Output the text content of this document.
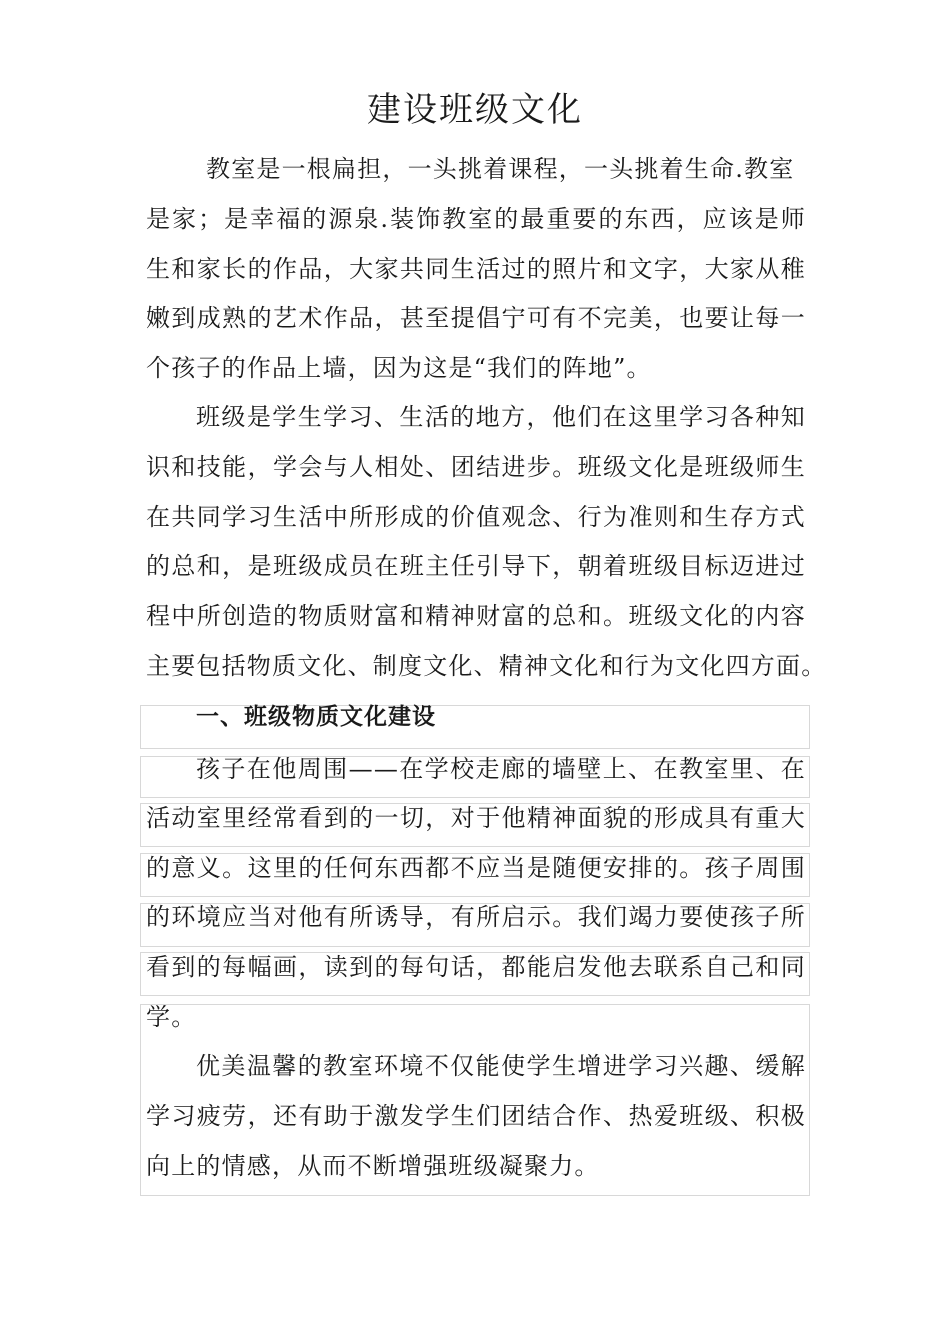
建设班级文化
教室是一根扁担，一头挑着课程，一头挑着生命.教室
是家；是幸福的源泉.装饰教室的最重要的东西，应该是师
生和家长的作品，大家共同生活过的照片和文字，大家从稚
嫩到成熟的艺术作品，甚至提倡宁可有不完美，也要让每一
个孩子的作品上墙，因为这是“我们的阵地”。
班级是学生学习、生活的地方，他们在这里学习各种知
识和技能，学会与人相处、团结进步。班级文化是班级师生
在共同学习生活中所形成的价值观念、行为准则和生存方式
的总和，是班级成员在班主任引导下，朝着班级目标迈进过
程中所创造的物质财富和精神财富的总和。班级文化的内容
主要包括物质文化、制度文化、精神文化和行为文化四方面。
一、班级物质文化建设
孩子在他周围——在学校走廊的墙壁上、在教室里、在
活动室里经常看到的一切，对于他精神面貌的形成具有重大
的意义。这里的任何东西都不应当是随便安排的。孩子周围
的环境应当对他有所诱导，有所启示。我们竭力要使孩子所
看到的每幅画，读到的每句话，都能启发他去联系自己和同
学。
优美温馨的教室环境不仅能使学生增进学习兴趣、缓解
学习疲劳，还有助于激发学生们团结合作、热爱班级、积极
向上的情感，从而不断增强班级凝聚力。
